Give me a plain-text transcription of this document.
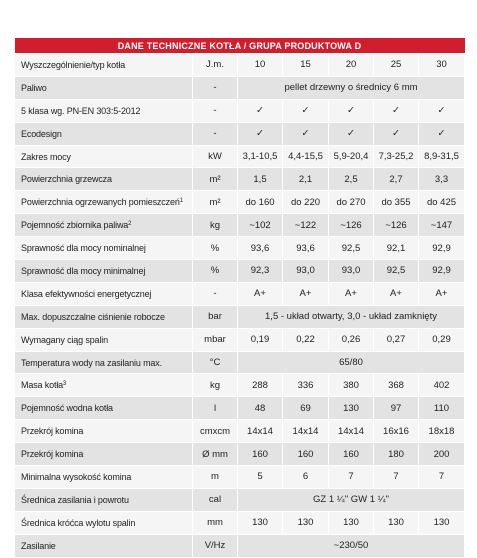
DANE TECHNICZNE KOTŁA / GRUPA PRODUKTOWA D						
Wyszczególnienie/typ kotła	J.m.	10	15	20	25	30
Paliwo	-	pellet drzewny o średnicy 6 mm				
5 klasa wg. PN-EN 303:5-2012	-	✓	✓	✓	✓	✓
Ecodesign	-	✓	✓	✓	✓	✓
Zakres mocy	kW	3,1-10,5	4,4-15,5	5,9-20,4	7,3-25,2	8,9-31,5
Powierzchnia grzewcza	m²	1,5	2,1	2,5	2,7	3,3
Powierzchnia ogrzewanych pomieszczeń$^1$	m²	do 160	do 220	do 270	do 355	do 425
Pojemność zbiornika paliwa$^2$	kg	~102	~122	~126	~126	~147
Sprawność dla mocy nominalnej	%	93,6	93,6	92,5	92,1	92,9
Sprawność dla mocy minimalnej	%	92,3	93,0	93,0	92,5	92,9
Klasa efektywności energetycznej	-	A+	A+	A+	A+	A+
Max. dopuszczalne ciśnienie robocze	bar	1,5 - układ otwarty, 3,0 - układ zamknięty				
Wymagany ciąg spalin	mbar	0,19	0,22	0,26	0,27	0,29
Temperatura wody na zasilaniu max.	°C	65/80				
Masa kotła$^3$	kg	288	336	380	368	402
Pojemność wodna kotła	l	48	69	130	97	110
Przekrój komina	cmxcm	14x14	14x14	14x14	16x16	18x18
Przekrój komina	Ø mm	160	160	160	180	200
Minimalna wysokość komina	m	5	6	7	7	7
Średnica zasilania i powrotu	cal	GZ 1 ¼" GW 1 ¼"				
Średnica króćca wylotu spalin	mm	130	130	130	130	130
Zasilanie	V/Hz	~230/50				
